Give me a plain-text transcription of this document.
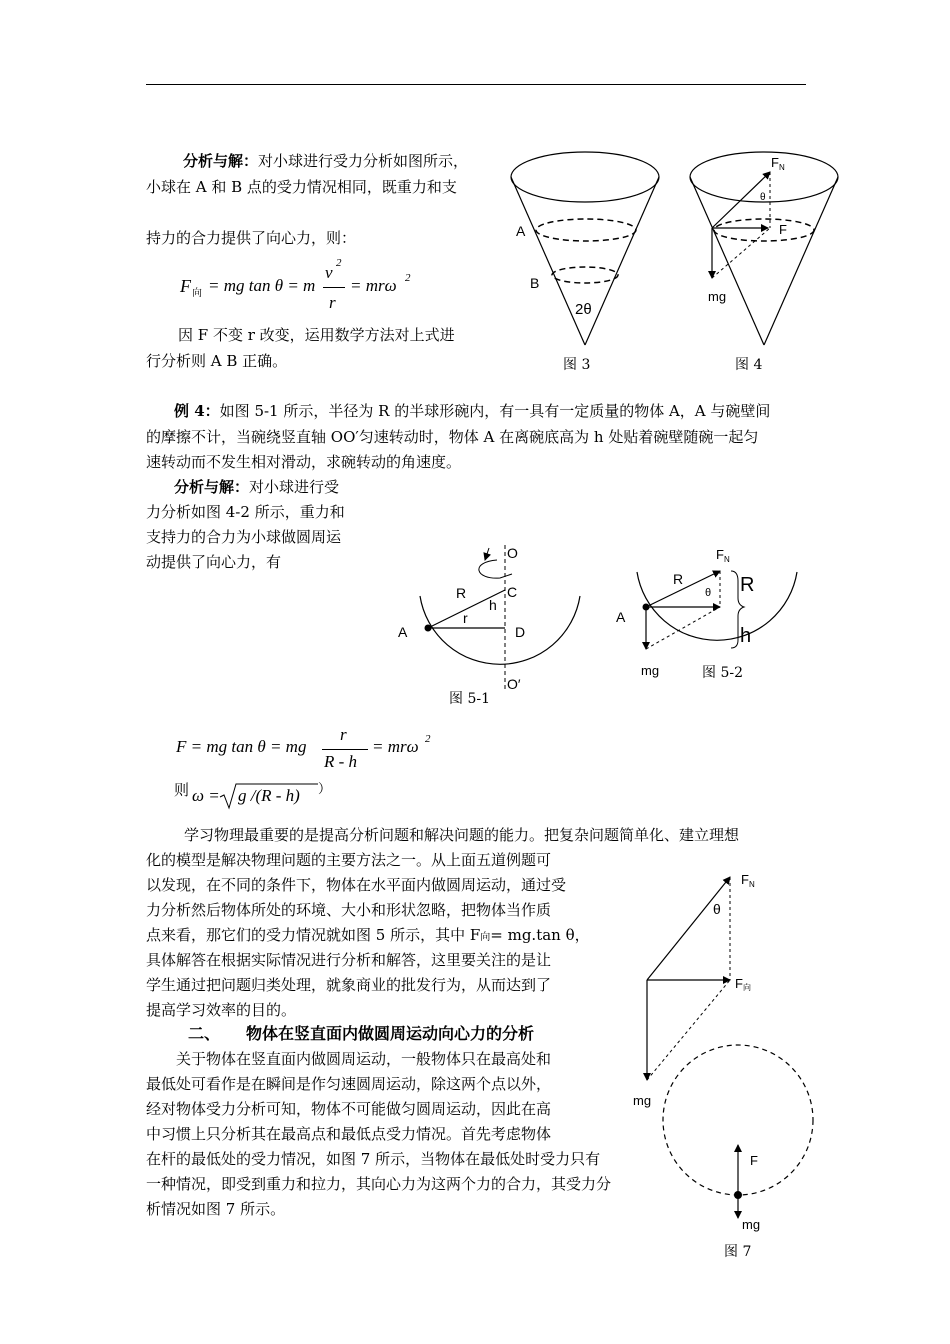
分析与解：对小球进行受力分析如图所示，
小球在 A 和 B 点的受力情况相同，既重力和支
持力的合力提供了向心力，则：
F 向 = mg tan θ = m
v 2
r
= mrω 2
因 F 不变 r 改变，运用数学方法对上式进
行分析则 A B 正确。
A
B
2θ
图 3
$F_N$
θ
F
mg
图 4
例 4：如图 5-1 所示，半径为 R 的半球形碗内，有一具有一定质量的物体 A，A 与碗壁间
的摩擦不计，当碗绕竖直轴 OO′匀速转动时，物体 A 在离碗底高为 h 处贴着碗壁随碗一起匀
速转动而不发生相对滑动，求碗转动的角速度。
分析与解：对小球进行受
力分析如图 4-2 所示，重力和
支持力的合力为小球做圆周运
动提供了向心力，有	O
C
R
h
r
A	D
O′
图 5-1
$F_N$
R
θ
A
R
h
mg	图 5-2
F = mg tan θ = mg
r
R - h
= mrω 2
则 ω = g /(R - h) ）
学习物理最重要的是提高分析问题和解决问题的能力。把复杂问题简单化、建立理想
化的模型是解决物理问题的主要方法之一。从上面五道例题可
以发现，在不同的条件下，物体在水平面内做圆周运动，通过受
力分析然后物体所处的环境、大小和形状忽略，把物体当作质
点来看，那它们的受力情况就如图 5 所示，其中 F向= mg.tan θ，
具体解答在根据实际情况进行分析和解答，这里要关注的是让
学生通过把问题归类处理，就象商业的批发行为，从而达到了
提高学习效率的目的。
$F_N$
θ
F向
mg
二、 物体在竖直面内做圆周运动向心力的分析
关于物体在竖直面内做圆周运动，一般物体只在最高处和
最低处可看作是在瞬间是作匀速圆周运动，除这两个点以外，
经对物体受力分析可知，物体不可能做匀圆周运动，因此在高
中习惯上只分析其在最高点和最低点受力情况。首先考虑物体
在杆的最低处的受力情况，如图 7 所示，当物体在最低处时受力只有
一种情况，即受到重力和拉力，其向心力为这两个力的合力，其受力分
析情况如图 7 所示。
F
mg
图 7
